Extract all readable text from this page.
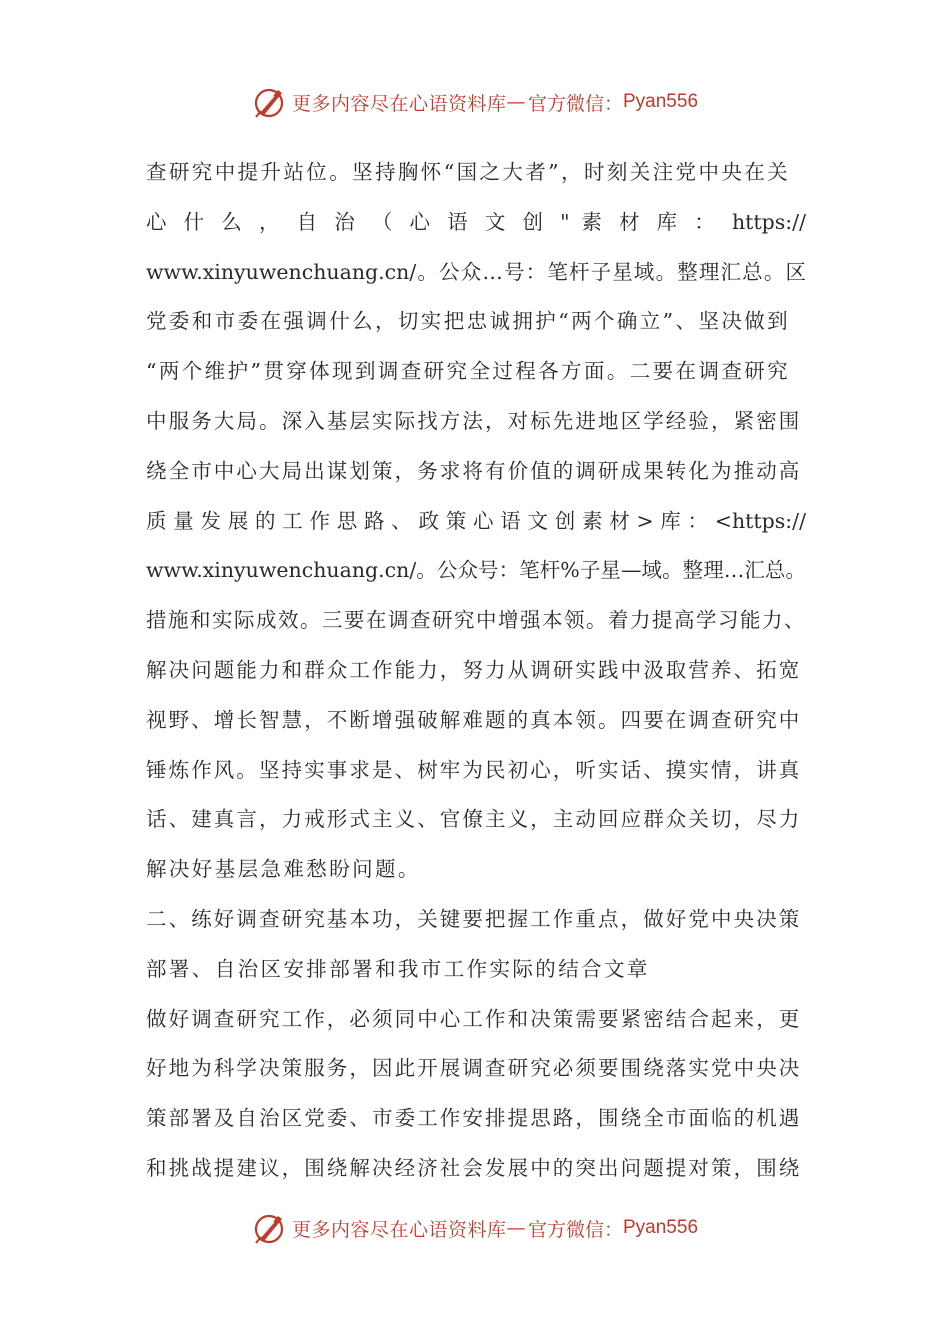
更多内容尽在心语资料库 — 官方微信： Pyan556
查研究中提升站位。坚持胸怀“国之大者”，时刻关注党中央在关
心 什 么 ， 自 治 （ 心 语 文 创 " 素 材 库 ： https://
www.xinyuwenchuang.cn/。公众…号：笔杆子星域。整理汇总。区
党委和市委在强调什么，切实把忠诚拥护“两个确立”、坚决做到
“两个维护”贯穿体现到调查研究全过程各方面。二要在调查研究
中服务大局。深入基层实际找方法，对标先进地区学经验，紧密围
绕全市中心大局出谋划策，务求将有价值的调研成果转化为推动高
质 量 发 展 的 工 作 思 路 、 政 策 心 语 文 创 素 材 > 库 ： <https://
www.xinyuwenchuang.cn/。公众号：笔杆%子星—域。整理…汇总。
措施和实际成效。三要在调查研究中增强本领。着力提高学习能力、
解决问题能力和群众工作能力，努力从调研实践中汲取营养、拓宽
视野、增长智慧，不断增强破解难题的真本领。四要在调查研究中
锤炼作风。坚持实事求是、树牢为民初心，听实话、摸实情，讲真
话、建真言，力戒形式主义、官僚主义，主动回应群众关切，尽力
解决好基层急难愁盼问题。
二、练好调查研究基本功，关键要把握工作重点，做好党中央决策
部署、自治区安排部署和我市工作实际的结合文章
做好调查研究工作，必须同中心工作和决策需要紧密结合起来，更
好地为科学决策服务，因此开展调查研究必须要围绕落实党中央决
策部署及自治区党委、市委工作安排提思路，围绕全市面临的机遇
和挑战提建议，围绕解决经济社会发展中的突出问题提对策，围绕
更多内容尽在心语资料库 — 官方微信： Pyan556
